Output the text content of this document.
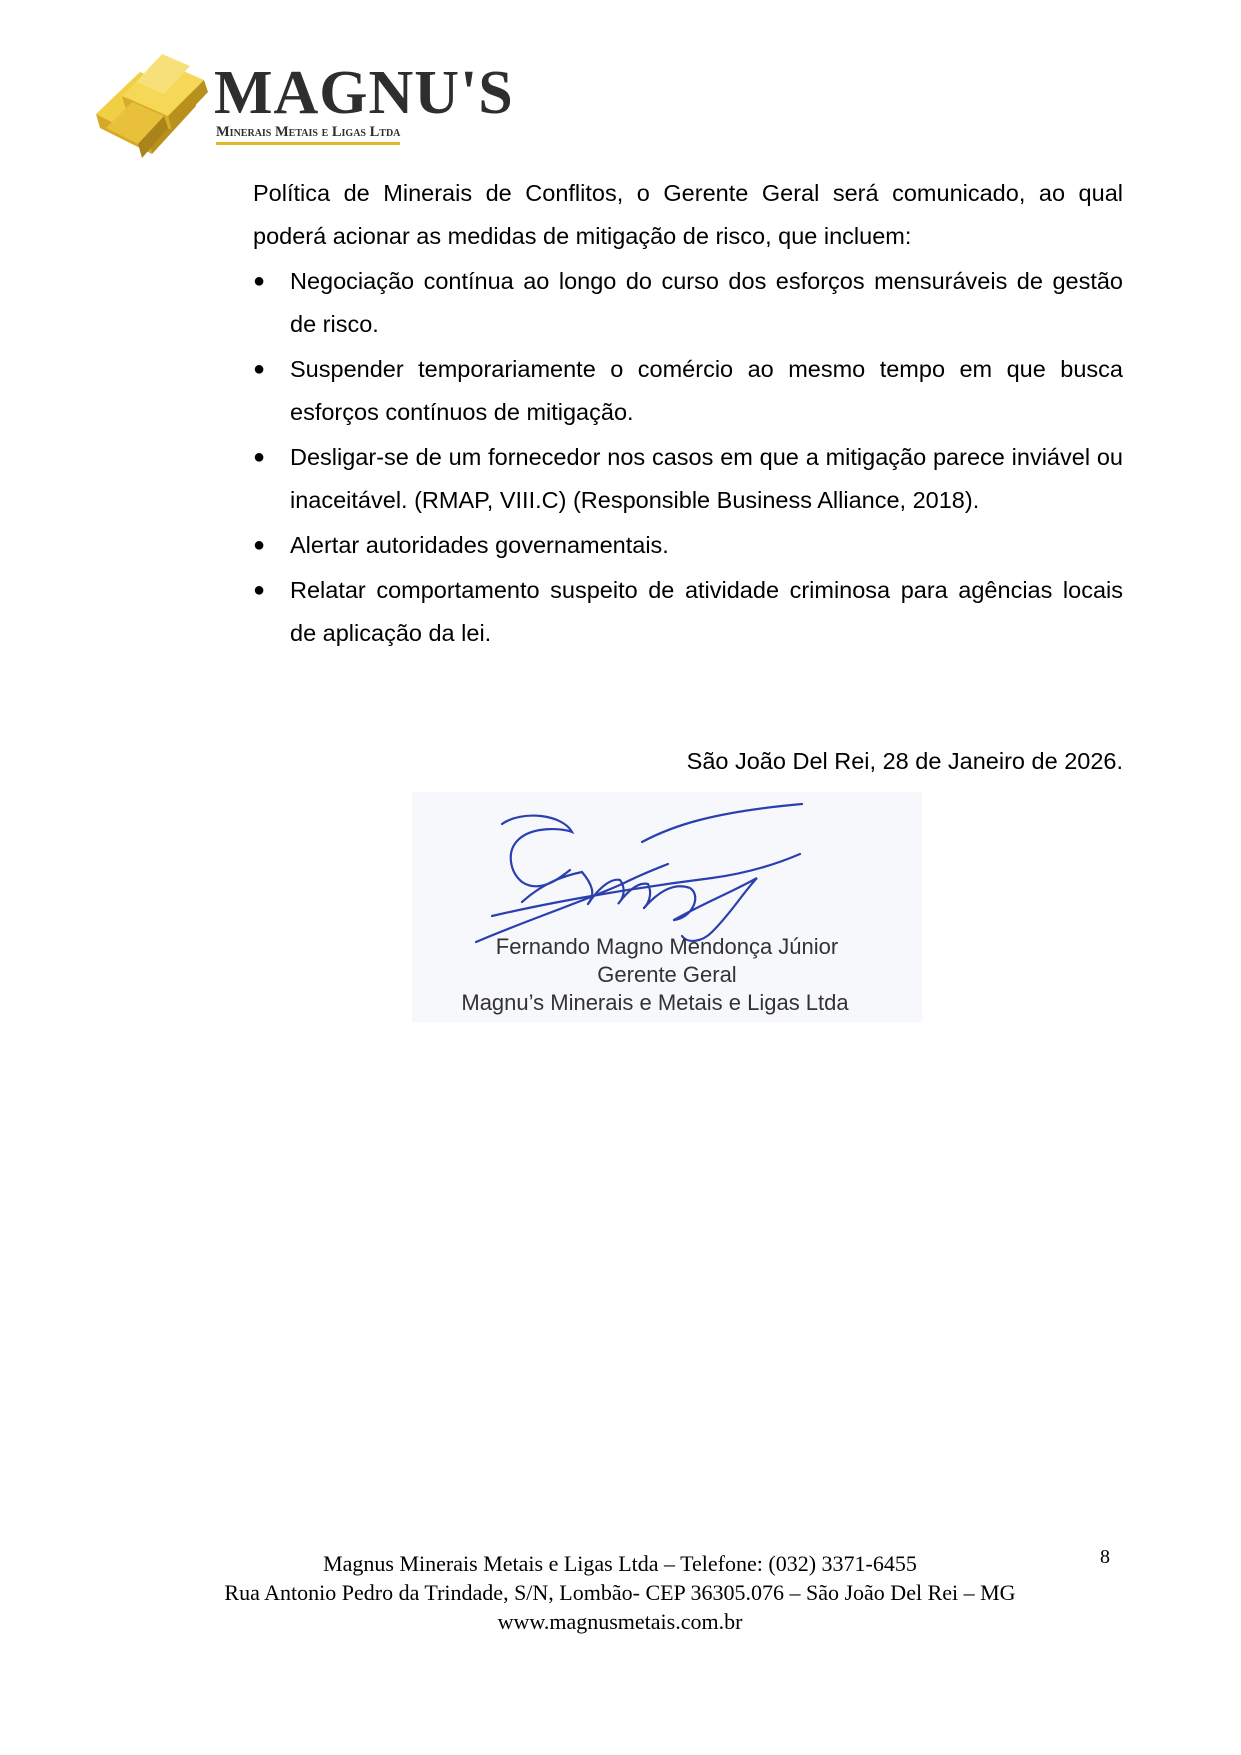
MAGNU'S
Minerais Metais e Ligas Ltda

Política de Minerais de Conflitos, o Gerente Geral será comunicado, ao qual poderá acionar as medidas de mitigação de risco, que incluem:

● Negociação contínua ao longo do curso dos esforços mensuráveis de gestão de risco.
● Suspender temporariamente o comércio ao mesmo tempo em que busca esforços contínuos de mitigação.
● Desligar-se de um fornecedor nos casos em que a mitigação parece inviável ou inaceitável. (RMAP, VIII.C) (Responsible Business Alliance, 2018).
● Alertar autoridades governamentais.
● Relatar comportamento suspeito de atividade criminosa para agências locais de aplicação da lei.
São João Del Rei, 28 de Janeiro de 2026.
Fernando Magno Mendonça Júnior
Gerente Geral
Magnu’s Minerais e Metais e Ligas Ltda
Magnus Minerais Metais e Ligas Ltda – Telefone: (032) 3371-6455
Rua Antonio Pedro da Trindade, S/N, Lombão- CEP 36305.076 – São João Del Rei – MG
www.magnusmetais.com.br
8
